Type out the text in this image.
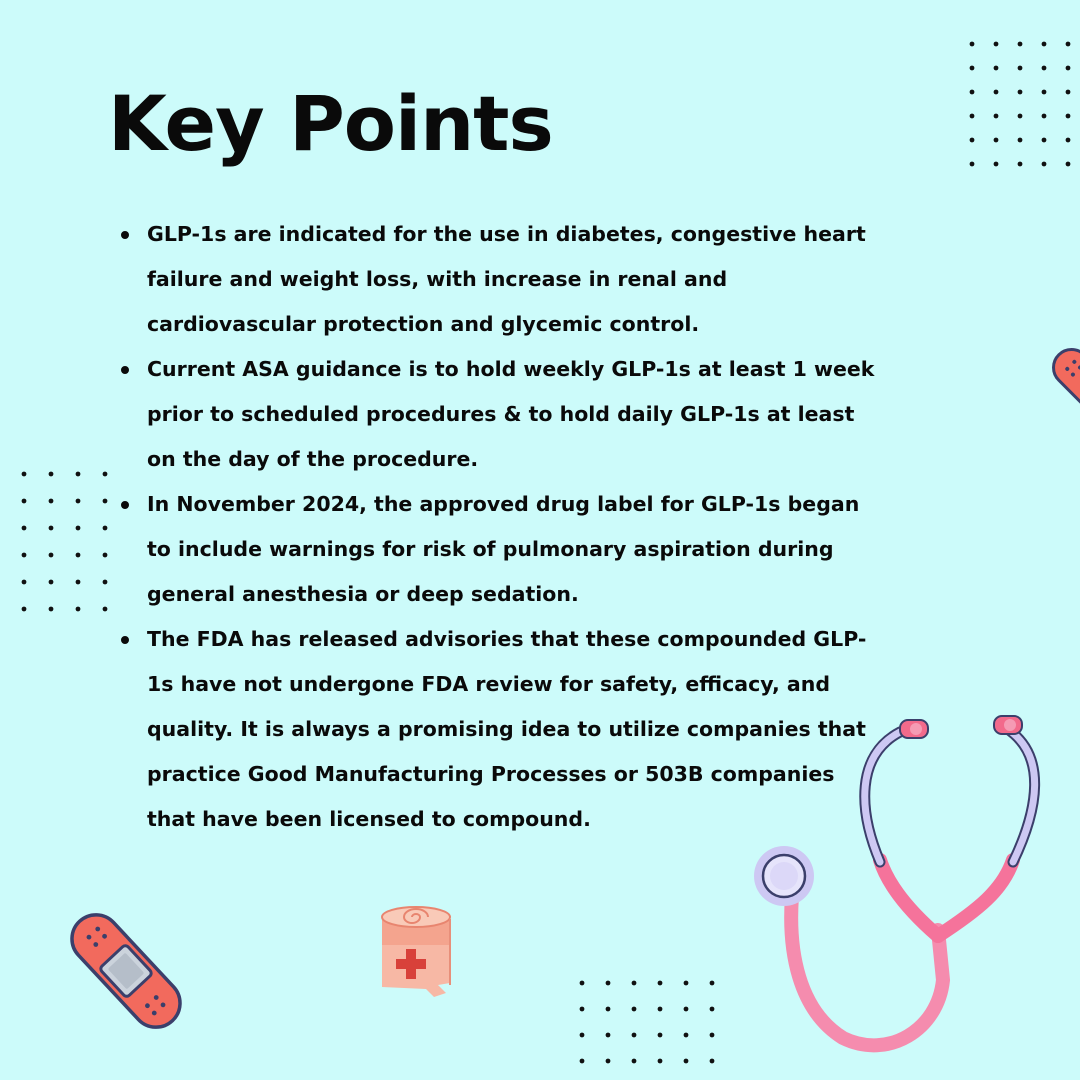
Key Points
GLP-1s are indicated for the use in diabetes, congestive heart failure and weight loss, with increase in renal and cardiovascular protection and glycemic control.
Current ASA guidance is to hold weekly GLP-1s at least 1 week prior to scheduled procedures & to hold daily GLP-1s at least on the day of the procedure.
In November 2024, the approved drug label for GLP-1s began to include warnings for risk of pulmonary aspiration during general anesthesia or deep sedation.
The FDA has released advisories that these compounded GLP-1s have not undergone FDA review for safety, efficacy, and quality. It is always a promising idea to utilize companies that practice Good Manufacturing Processes or 503B companies that have been licensed to compound.
